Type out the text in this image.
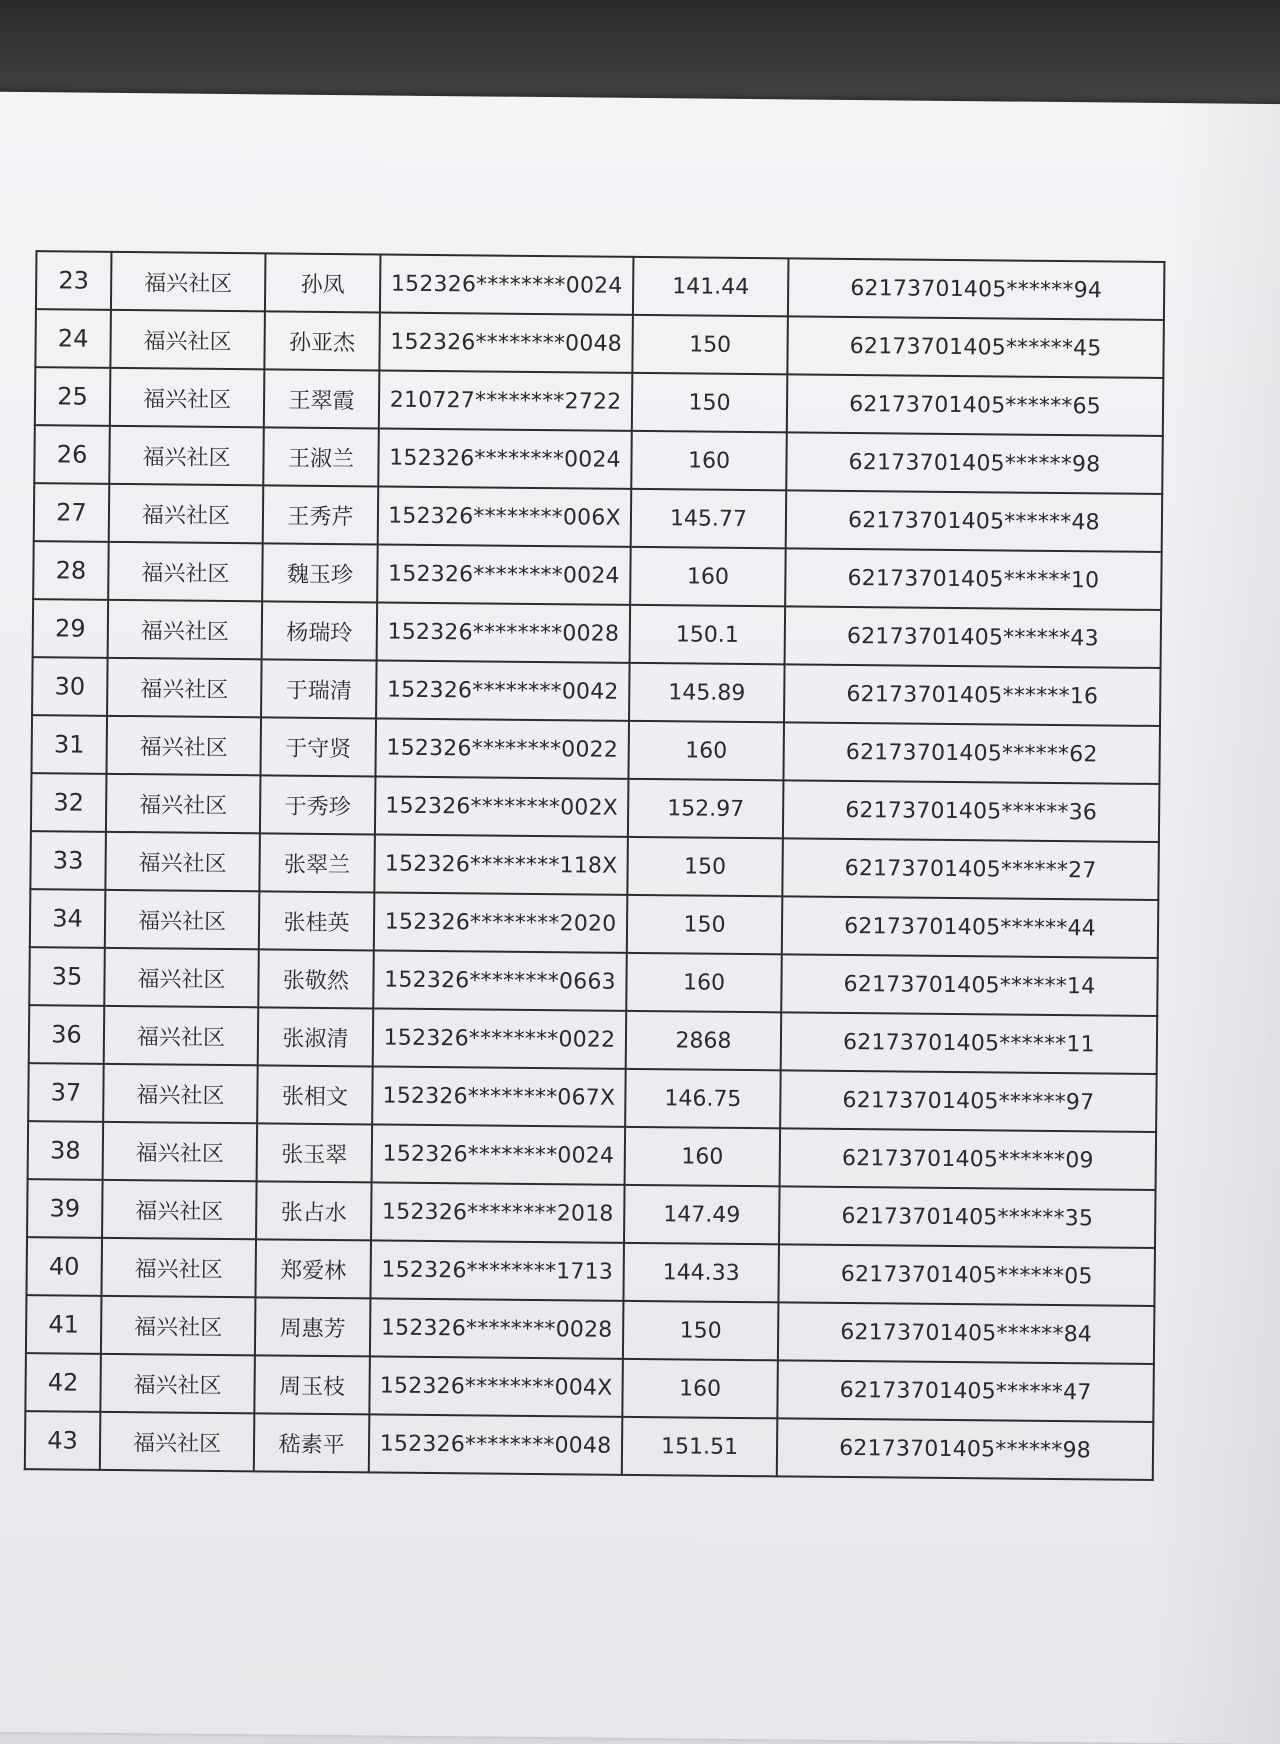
23	福兴社区	孙凤	152326********0024	141.44	62173701405******94
24	福兴社区	孙亚杰	152326********0048	150	62173701405******45
25	福兴社区	王翠霞	210727********2722	150	62173701405******65
26	福兴社区	王淑兰	152326********0024	160	62173701405******98
27	福兴社区	王秀芹	152326********006X	145.77	62173701405******48
28	福兴社区	魏玉珍	152326********0024	160	62173701405******10
29	福兴社区	杨瑞玲	152326********0028	150.1	62173701405******43
30	福兴社区	于瑞清	152326********0042	145.89	62173701405******16
31	福兴社区	于守贤	152326********0022	160	62173701405******62
32	福兴社区	于秀珍	152326********002X	152.97	62173701405******36
33	福兴社区	张翠兰	152326********118X	150	62173701405******27
34	福兴社区	张桂英	152326********2020	150	62173701405******44
35	福兴社区	张敬然	152326********0663	160	62173701405******14
36	福兴社区	张淑清	152326********0022	2868	62173701405******11
37	福兴社区	张相文	152326********067X	146.75	62173701405******97
38	福兴社区	张玉翠	152326********0024	160	62173701405******09
39	福兴社区	张占水	152326********2018	147.49	62173701405******35
40	福兴社区	郑爱林	152326********1713	144.33	62173701405******05
41	福兴社区	周惠芳	152326********0028	150	62173701405******84
42	福兴社区	周玉枝	152326********004X	160	62173701405******47
43	福兴社区	嵇素平	152326********0048	151.51	62173701405******98
